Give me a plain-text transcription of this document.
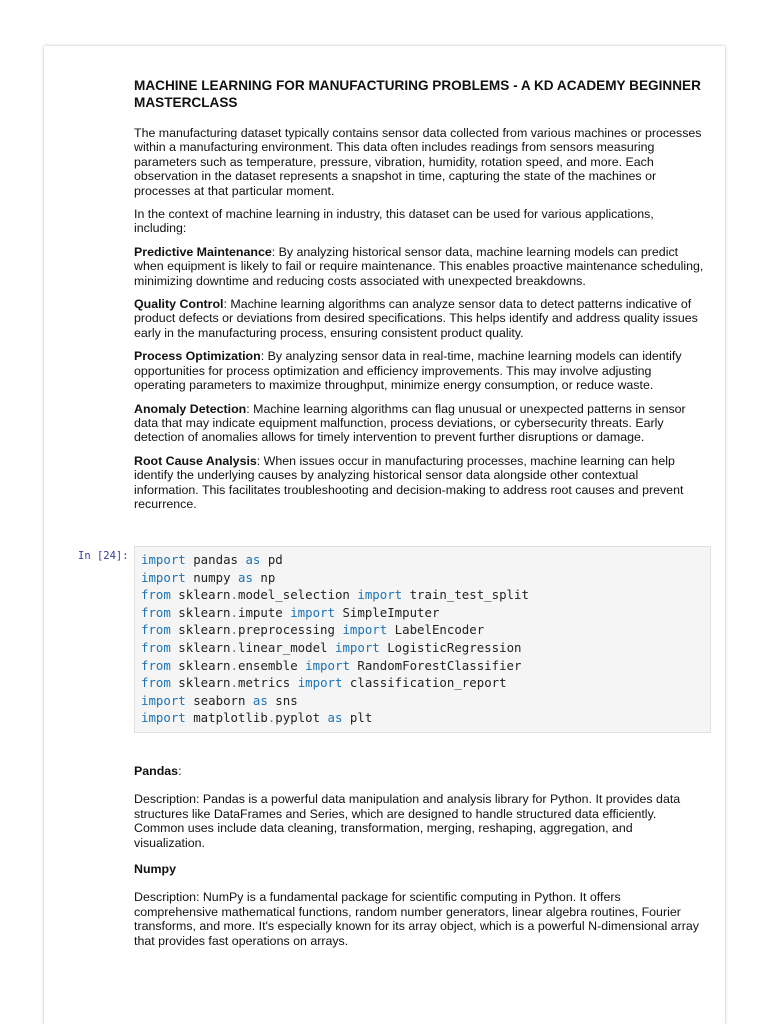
MACHINE LEARNING FOR MANUFACTURING PROBLEMS - A KD ACADEMY BEGINNER MASTERCLASS

The manufacturing dataset typically contains sensor data collected from various machines or processes within a manufacturing environment. This data often includes readings from sensors measuring parameters such as temperature, pressure, vibration, humidity, rotation speed, and more. Each observation in the dataset represents a snapshot in time, capturing the state of the machines or processes at that particular moment.

In the context of machine learning in industry, this dataset can be used for various applications, including:

Predictive Maintenance: By analyzing historical sensor data, machine learning models can predict when equipment is likely to fail or require maintenance. This enables proactive maintenance scheduling, minimizing downtime and reducing costs associated with unexpected breakdowns.

Quality Control: Machine learning algorithms can analyze sensor data to detect patterns indicative of product defects or deviations from desired specifications. This helps identify and address quality issues early in the manufacturing process, ensuring consistent product quality.

Process Optimization: By analyzing sensor data in real-time, machine learning models can identify opportunities for process optimization and efficiency improvements. This may involve adjusting operating parameters to maximize throughput, minimize energy consumption, or reduce waste.

Anomaly Detection: Machine learning algorithms can flag unusual or unexpected patterns in sensor data that may indicate equipment malfunction, process deviations, or cybersecurity threats. Early detection of anomalies allows for timely intervention to prevent further disruptions or damage.

Root Cause Analysis: When issues occur in manufacturing processes, machine learning can help identify the underlying causes by analyzing historical sensor data alongside other contextual information. This facilitates troubleshooting and decision-making to address root causes and prevent recurrence.

In [24]: import pandas as pd
import numpy as np
from sklearn.model_selection import train_test_split
from sklearn.impute import SimpleImputer
from sklearn.preprocessing import LabelEncoder
from sklearn.linear_model import LogisticRegression
from sklearn.ensemble import RandomForestClassifier
from sklearn.metrics import classification_report
import seaborn as sns
import matplotlib.pyplot as plt

Pandas:

Description: Pandas is a powerful data manipulation and analysis library for Python. It provides data structures like DataFrames and Series, which are designed to handle structured data efficiently. Common uses include data cleaning, transformation, merging, reshaping, aggregation, and visualization.

Numpy

Description: NumPy is a fundamental package for scientific computing in Python. It offers comprehensive mathematical functions, random number generators, linear algebra routines, Fourier transforms, and more. It's especially known for its array object, which is a powerful N-dimensional array that provides fast operations on arrays.
